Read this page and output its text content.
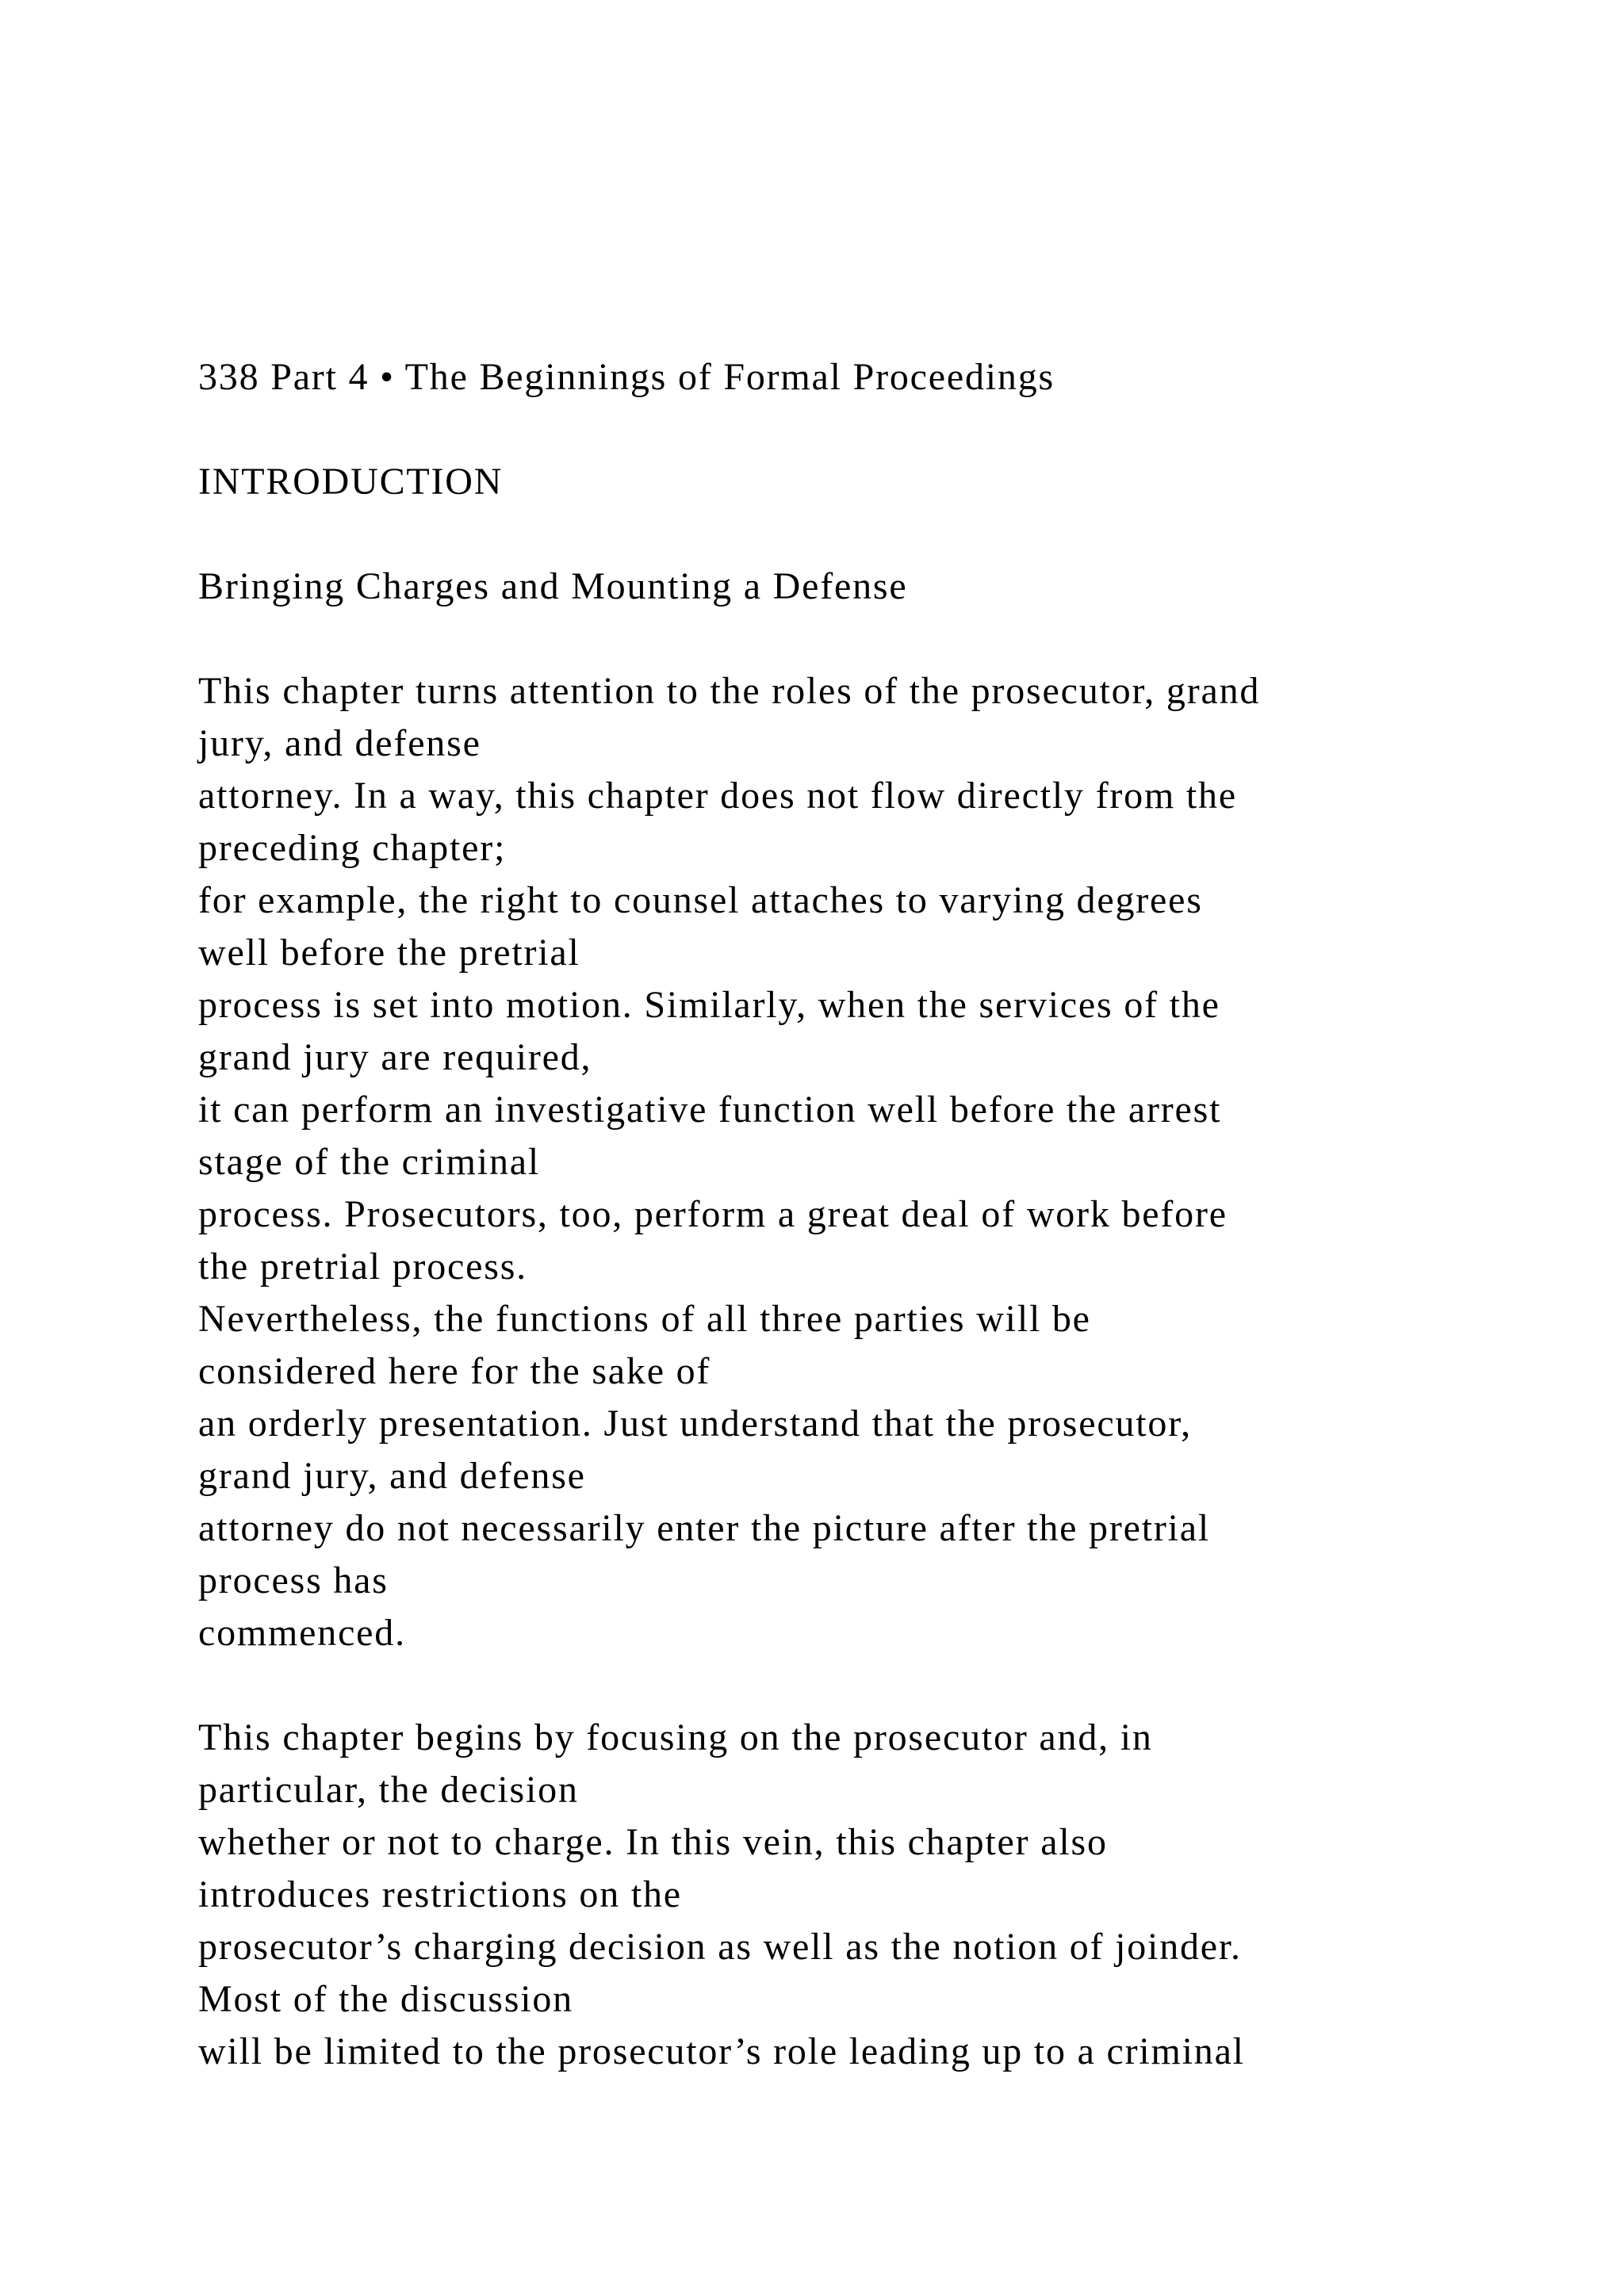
338 Part 4 • The Beginnings of Formal Proceedings
INTRODUCTION
Bringing Charges and Mounting a Defense
This chapter turns attention to the roles of the prosecutor, grand
jury, and defense
attorney. In a way, this chapter does not flow directly from the
preceding chapter;
for example, the right to counsel attaches to varying degrees
well before the pretrial
process is set into motion. Similarly, when the services of the
grand jury are required,
it can perform an investigative function well before the arrest
stage of the criminal
process. Prosecutors, too, perform a great deal of work before
the pretrial process.
Nevertheless, the functions of all three parties will be
considered here for the sake of
an orderly presentation. Just understand that the prosecutor,
grand jury, and defense
attorney do not necessarily enter the picture after the pretrial
process has
commenced.
This chapter begins by focusing on the prosecutor and, in
particular, the decision
whether or not to charge. In this vein, this chapter also
introduces restrictions on the
prosecutor’s charging decision as well as the notion of joinder.
Most of the discussion
will be limited to the prosecutor’s role leading up to a criminal
